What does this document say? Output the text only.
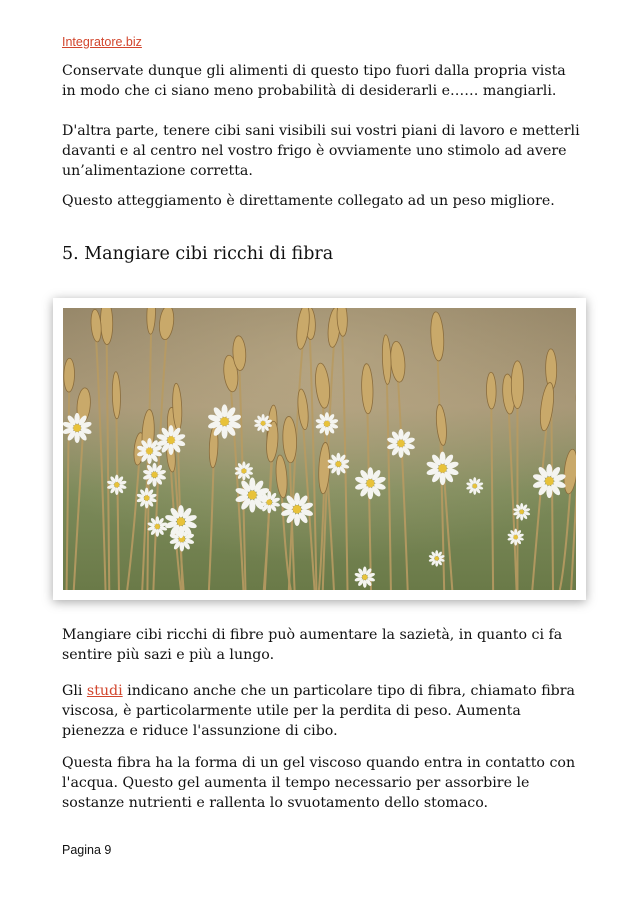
Integratore.biz

Conservate dunque gli alimenti di questo tipo fuori dalla propria vista in modo che ci siano meno probabilità di desiderarli e…… mangiarli.

D'altra parte, tenere cibi sani visibili sui vostri piani di lavoro e metterli davanti e al centro nel vostro frigo è ovviamente uno stimolo ad avere un’alimentazione corretta.

Questo atteggiamento è direttamente collegato ad un peso migliore.

5. Mangiare cibi ricchi di fibra

Mangiare cibi ricchi di fibre può aumentare la sazietà, in quanto ci fa sentire più sazi e più a lungo.

Gli studi indicano anche che un particolare tipo di fibra, chiamato fibra viscosa, è particolarmente utile per la perdita di peso. Aumenta pienezza e riduce l'assunzione di cibo.

Questa fibra ha la forma di un gel viscoso quando entra in contatto con l'acqua. Questo gel aumenta il tempo necessario per assorbire le sostanze nutrienti e rallenta lo svuotamento dello stomaco.

Pagina 9
